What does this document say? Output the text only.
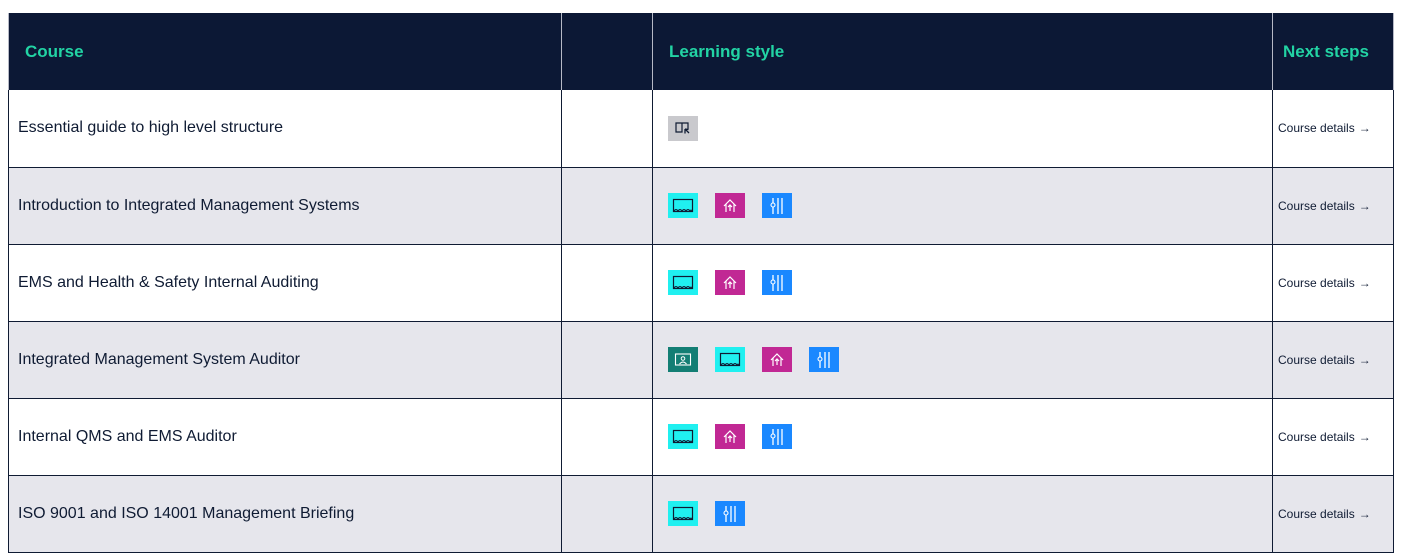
Course		Learning style	Next steps
Essential guide to high level structure			Course details →
Introduction to Integrated Management Systems			Course details →
EMS and Health & Safety Internal Auditing			Course details →
Integrated Management System Auditor			Course details →
Internal QMS and EMS Auditor			Course details →
ISO 9001 and ISO 14001 Management Briefing			Course details →
